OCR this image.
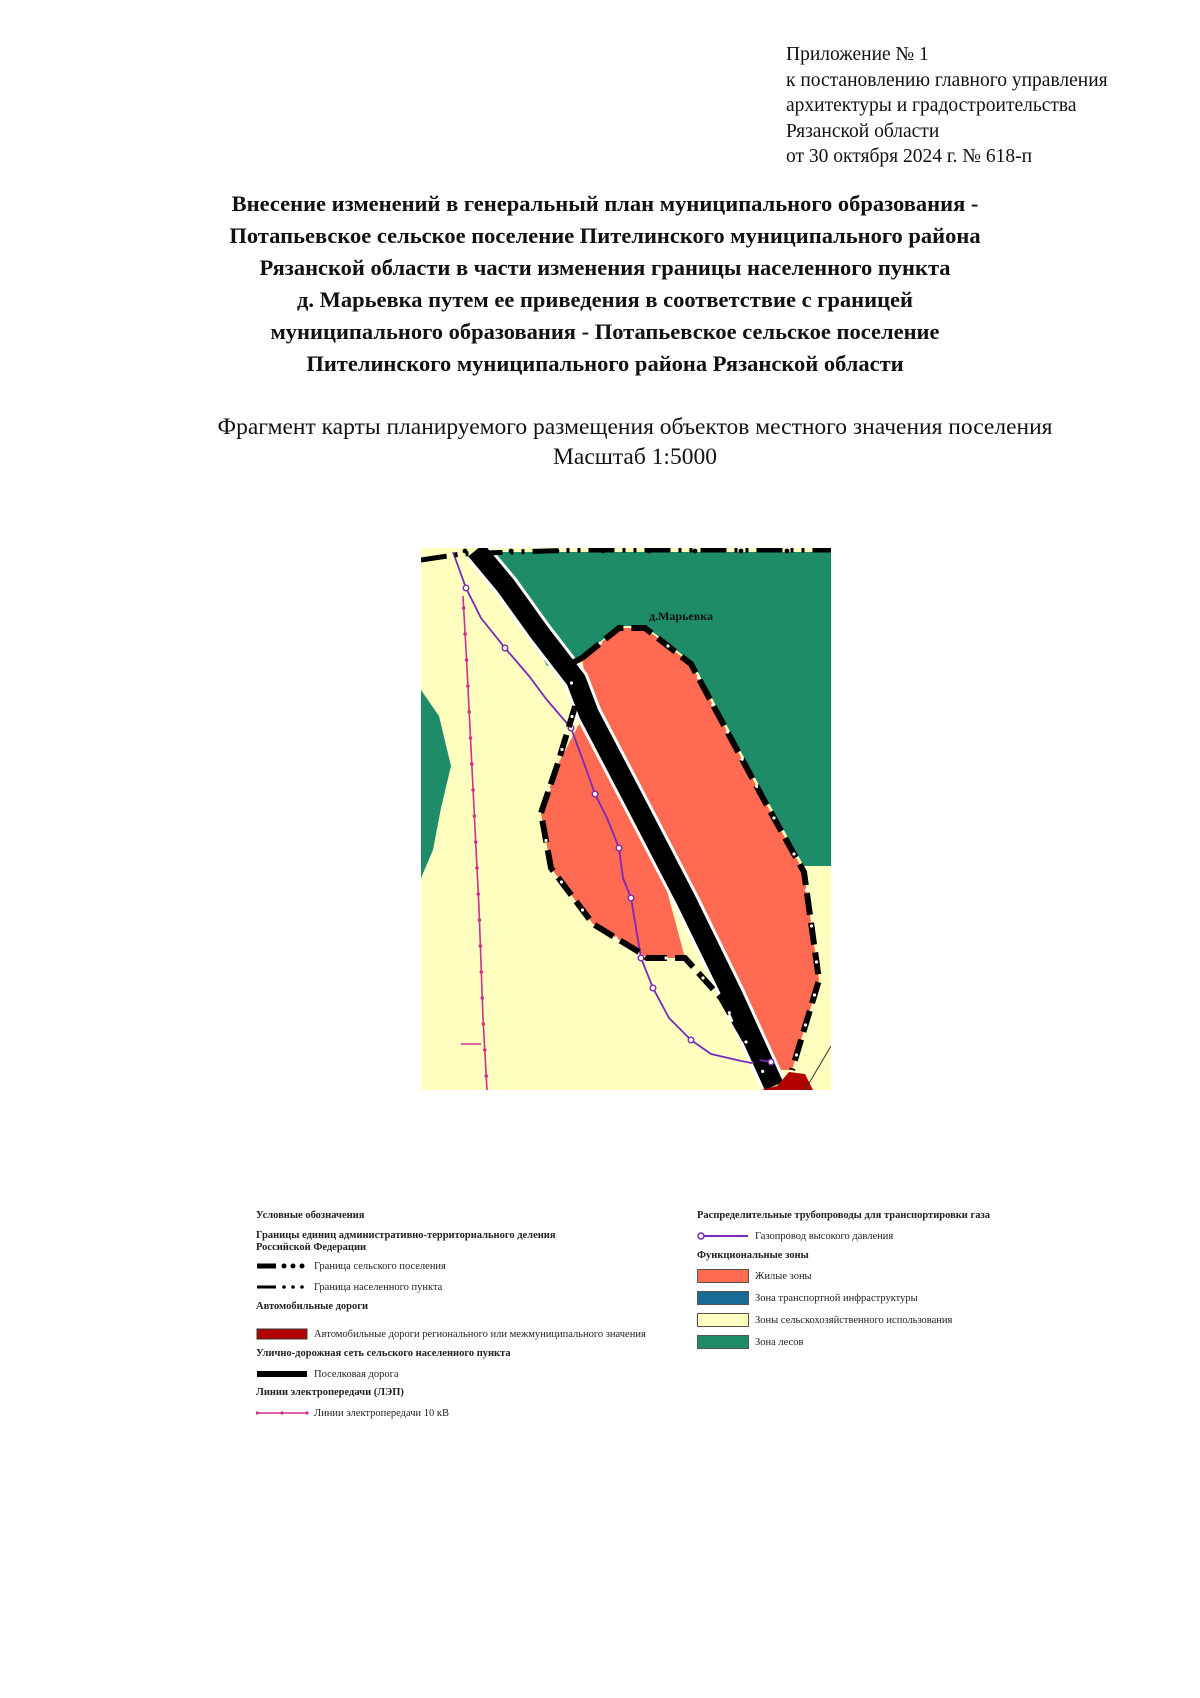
Приложение № 1
к постановлению главного управления
архитектуры и градостроительства
Рязанской области
от 30 октября 2024 г. № 618-п
Внесение изменений в генеральный план муниципального образования -
Потапьевское сельское поселение Пителинского муниципального района
Рязанской области в части изменения границы населенного пункта
д. Марьевка путем ее приведения в соответствие с границей
муниципального образования - Потапьевское сельское поселение
Пителинского муниципального района Рязанской области
Фрагмент карты планируемого размещения объектов местного значения поселения
Масштаб 1:5000
д.Марьевка
Условные обозначения
Границы единиц административно-территориального деления Российской Федерации
Граница сельского поселения
Граница населенного пункта
Автомобильные дороги
Автомобильные дороги регионального или межмуниципального значения
Улично-дорожная сеть сельского населенного пункта
Поселковая дорога
Линии электропередачи (ЛЭП)
Линии электропередачи 10 кВ
Распределительные трубопроводы для транспортировки газа
Газопровод высокого давления
Функциональные зоны
Жилые зоны
Зона транспортной инфраструктуры
Зоны сельскохозяйственного использования
Зона лесов
